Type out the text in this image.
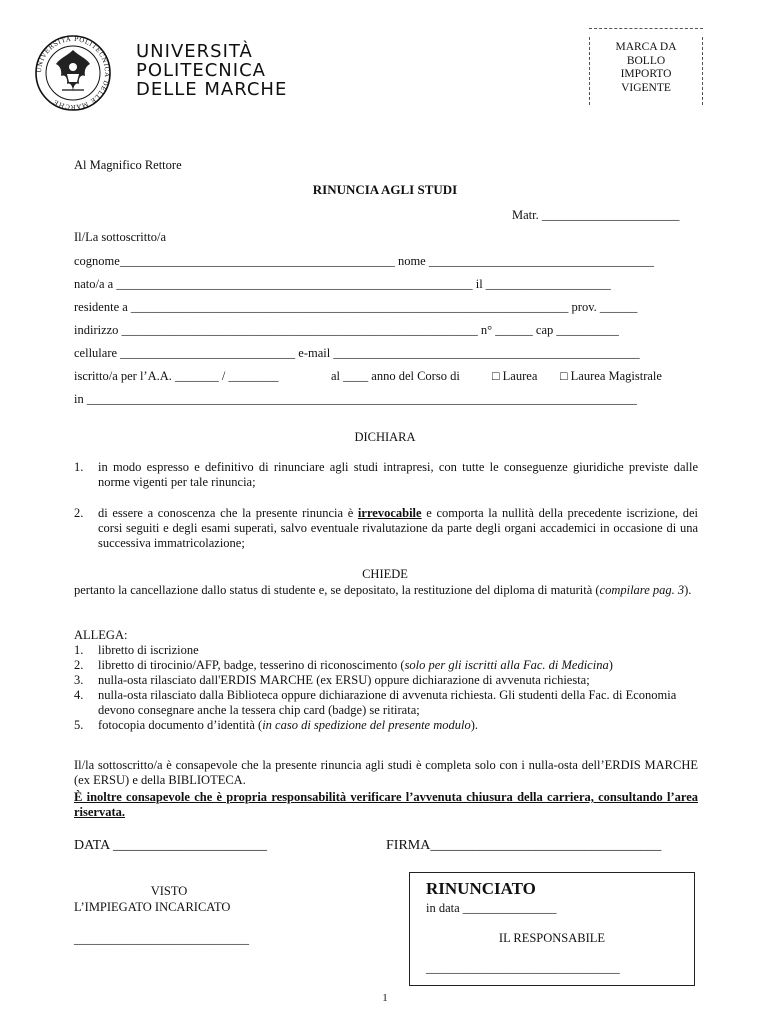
UNIVERSITÀ POLITECNICA DELLE MARCHE
UNIVERSITÀ
POLITECNICA
DELLE MARCHE
MARCA DA
BOLLO
IMPORTO
VIGENTE
Al Magnifico Rettore
RINUNCIA AGLI STUDI
Matr. ______________________
Il/La sottoscritto/a
cognome____________________________________________ nome ____________________________________
nato/a a _________________________________________________________ il ____________________
residente a ______________________________________________________________________ prov. ______
indirizzo _________________________________________________________ n° ______ cap __________
cellulare ____________________________ e-mail _________________________________________________
iscritto/a per l’A.A. _______ / ________	al ____ anno del Corso di	□ Laurea □ Laurea Magistrale
in ________________________________________________________________________________________
DICHIARA
1. in modo espresso e definitivo di rinunciare agli studi intrapresi, con tutte le conseguenze giuridiche previste dalle norme vigenti per tale rinuncia;
2. di essere a conoscenza che la presente rinuncia è irrevocabile e comporta la nullità della precedente iscrizione, dei corsi seguiti e degli esami superati, salvo eventuale rivalutazione da parte degli organi accademici in occasione di una successiva immatricolazione;
CHIEDE
pertanto la cancellazione dallo status di studente e, se depositato, la restituzione del diploma di maturità (compilare pag. 3).
ALLEGA:
1. libretto di iscrizione
2. libretto di tirocinio/AFP, badge, tesserino di riconoscimento (solo per gli iscritti alla Fac. di Medicina)
3. nulla-osta rilasciato dall'ERDIS MARCHE (ex ERSU) oppure dichiarazione di avvenuta richiesta;
4. nulla-osta rilasciato dalla Biblioteca oppure dichiarazione di avvenuta richiesta. Gli studenti della Fac. di Economia devono consegnare anche la tessera chip card (badge) se ritirata;
5. fotocopia documento d’identità (in caso di spedizione del presente modulo).
Il/la sottoscritto/a è consapevole che la presente rinuncia agli studi è completa solo con i nulla-osta dell’ERDIS MARCHE (ex ERSU) e della BIBLIOTECA.
È inoltre consapevole che è propria responsabilità verificare l’avvenuta chiusura della carriera, consultando l’area riservata.
DATA ______________________	FIRMA_________________________________
VISTO
L’IMPIEGATO INCARICATO
____________________________
RINUNCIATO
in data _______________
IL RESPONSABILE
_______________________________
1
